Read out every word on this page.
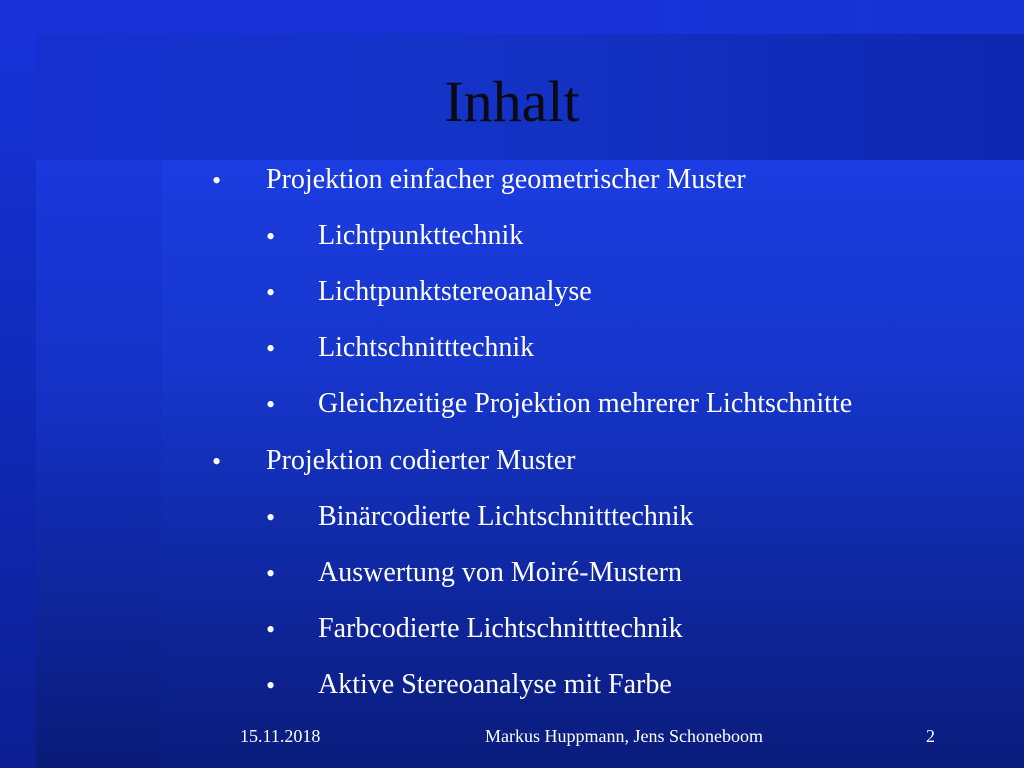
Inhalt
• Projektion einfacher geometrischer Muster
• Lichtpunkttechnik
• Lichtpunktstereoanalyse
• Lichtschnitttechnik
• Gleichzeitige Projektion mehrerer Lichtschnitte
• Projektion codierter Muster
• Binärcodierte Lichtschnitttechnik
• Auswertung von Moiré-Mustern
• Farbcodierte Lichtschnitttechnik
• Aktive Stereoanalyse mit Farbe
15.11.2018	Markus Huppmann, Jens Schoneboom	2
